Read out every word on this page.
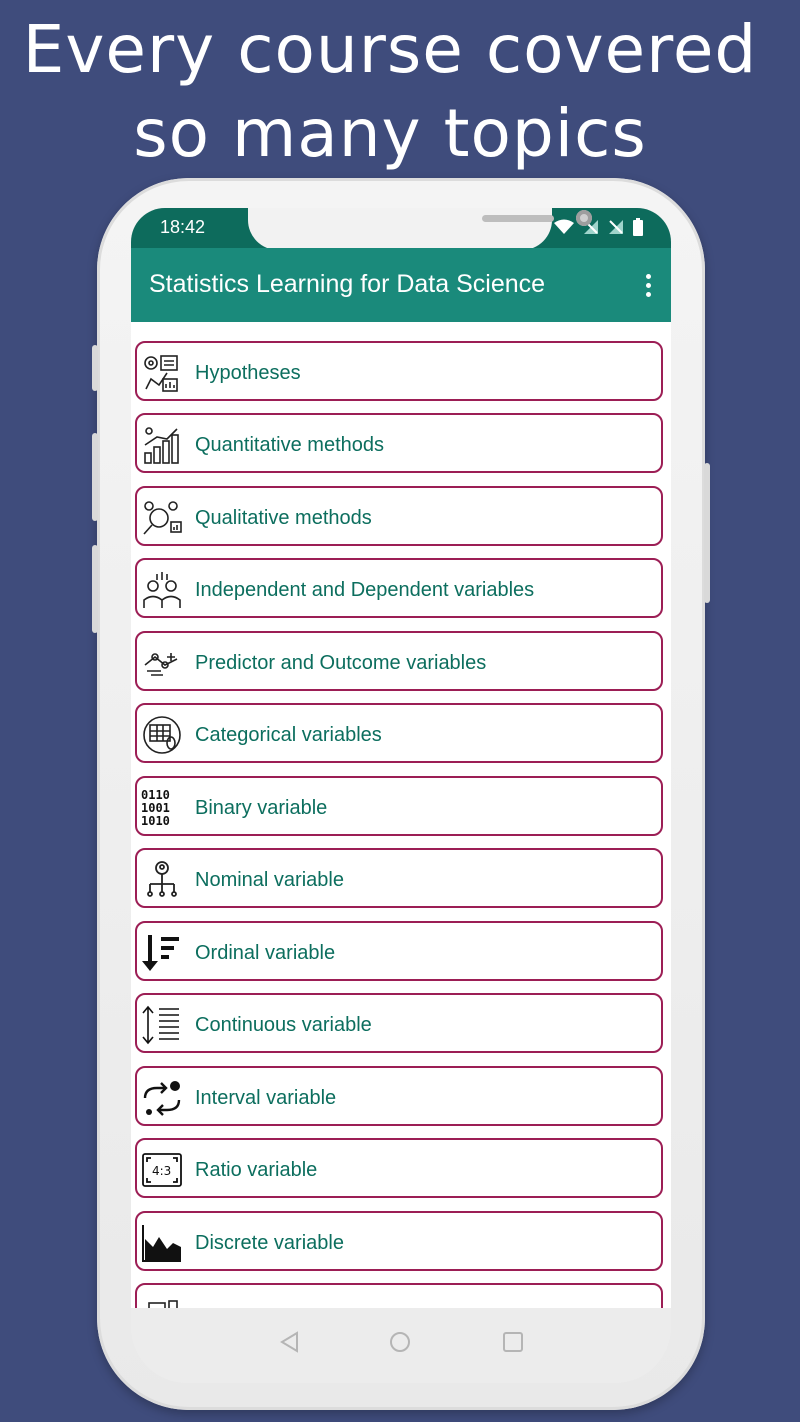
Every course covered
so many topics
18:42

Statistics Learning for Data Science
Hypotheses
Quantitative methods
Qualitative methods
Independent and Dependent variables
Predictor and Outcome variables
Categorical variables
0110
1001
1010
Binary variable
Nominal variable
Ordinal variable
Continuous variable
Interval variable
4:3 Ratio variable
Discrete variable
